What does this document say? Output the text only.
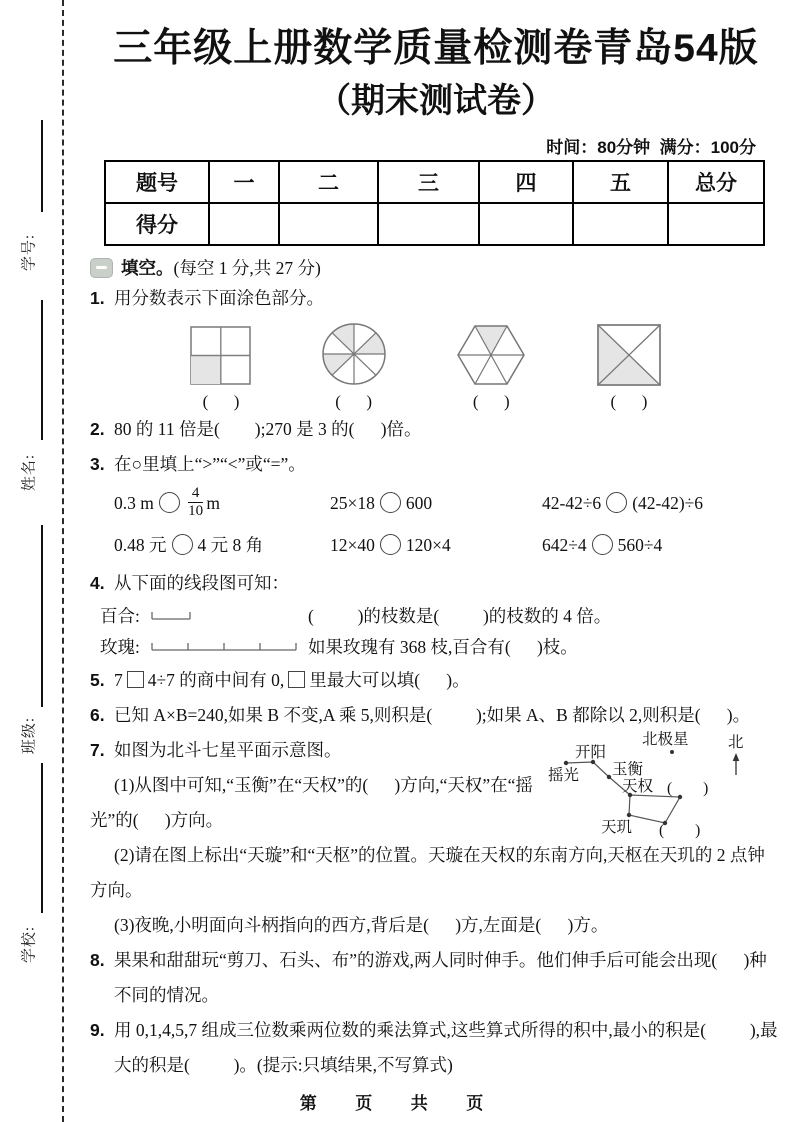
学号:
姓名:
班级:
学校:
三年级上册数学质量检测卷青岛54版
（期末测试卷）
时间：80分钟  满分：100分
题号	一	二	三	四	五	总分
得分						
填空。 (每空 1 分,共 27 分)
1. 用分数表示下面涂色部分。
(      )	(      )	(      )	(      )
2. 80 的 11 倍是(        );270 是 3 的(      )倍。
3. 在○里填上“>”“<”或“=”。
0.3 m $\frac{4}{10}$ m	25×18 600	42-42÷6 (42-42)÷6
0.48 元 4 元 8 角	12×40 120×4	642÷4 560÷4
4. 从下面的线段图可知：
百合:	(          )的枝数是(          )的枝数的 4 倍。
玫瑰:	如果玫瑰有 368 枝,百合有(      )枝。
5. 7 4÷7 的商中间有 0, 里最大可以填(      )。
6. 已知 A×B=240,如果 B 不变,A 乘 5,则积是(          );如果 A、B 都除以 2,则积是(      )。
7. 如图为北斗七星平面示意图。

(1)从图中可知,“玉衡”在“天权”的(      )方向,“天权”在“摇光”的(      )方向。

(2)请在图上标出“天璇”和“天枢”的位置。天璇在天权的东南方向,天枢在天玑的 2 点钟方向。

(3)夜晚,小明面向斗柄指向的西方,背后是(      )方,左面是(      )方。

北极星	北
开阳
摇光 玉衡
天权
天玑
(        )
(        )
8. 果果和甜甜玩“剪刀、石头、布”的游戏,两人同时伸手。他们伸手后可能会出现(      )种不同的情况。
9. 用 0,1,4,5,7 组成三位数乘两位数的乘法算式,这些算式所得的积中,最小的积是(          ),最大的积是(          )。(提示:只填结果,不写算式)
第  页  共  页
